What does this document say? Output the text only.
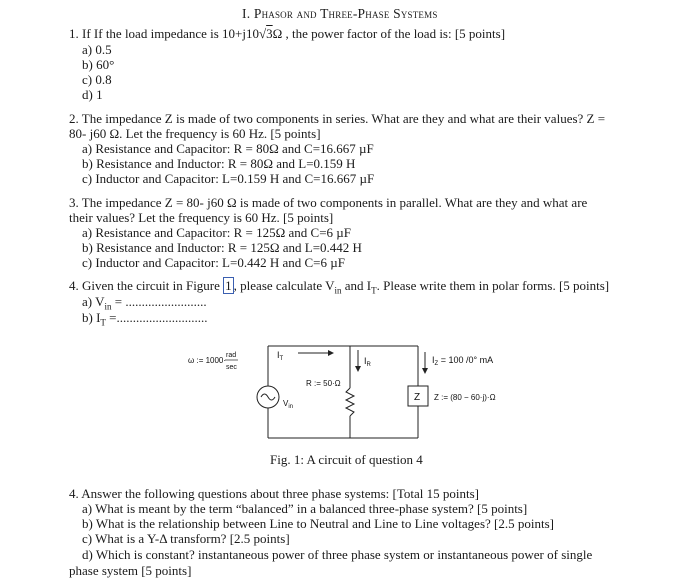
I. Phasor and Three-Phase Systems
1. If If the load impedance is 10+j10√3Ω , the power factor of the load is: [5 points]
a) 0.5
b) 60°
c) 0.8
d) 1
2. The impedance Z is made of two components in series. What are they and what are their values? Z =
80- j60 Ω. Let the frequency is 60 Hz. [5 points]
a) Resistance and Capacitor: R = 80Ω and C=16.667 µF
b) Resistance and Inductor: R = 80Ω and L=0.159 H
c) Inductor and Capacitor: L=0.159 H and C=16.667 µF
3. The impedance Z = 80- j60 Ω is made of two components in parallel. What are they and what are
their values? Let the frequency is 60 Hz. [5 points]
a) Resistance and Capacitor: R = 125Ω and C=6 µF
b) Resistance and Inductor: R = 125Ω and L=0.442 H
c) Inductor and Capacitor: L=0.442 H and C=6 µF
4. Given the circuit in Figure 1 , please calculate $V_{in}$ and $I_T$. Please write them in polar forms. [5 points]
a) $V_{in}$ = .........................
b) $I_T$ =............................
ω := 1000·
rad
sec
$I_T$	$I_R$
R := 50·Ω
$V_{in}$
$I_Z = 100$ /0° mA
Z Z := (80 − 60·j)·Ω
Fig. 1: A circuit of question 4
4. Answer the following questions about three phase systems: [Total 15 points]
a) What is meant by the term “balanced” in a balanced three-phase system? [5 points]
b) What is the relationship between Line to Neutral and Line to Line voltages? [2.5 points]
c) What is a Y-Δ transform? [2.5 points]
d) Which is constant? instantaneous power of three phase system or instantaneous power of single
phase system [5 points]
